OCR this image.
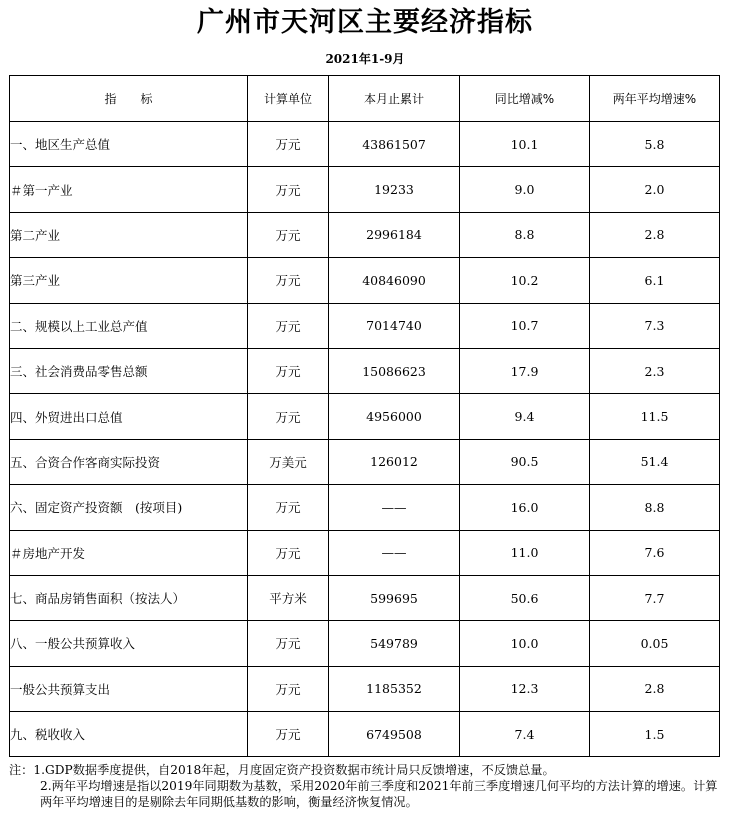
广州市天河区主要经济指标
2021年1-9月
指　　标	计算单位	本月止累计	同比增减%	两年平均增速%
一、地区生产总值	万元	43861507	10.1	5.8
＃第一产业	万元	19233	9.0	2.0
第二产业	万元	2996184	8.8	2.8
第三产业	万元	40846090	10.2	6.1
二、规模以上工业总产值	万元	7014740	10.7	7.3
三、社会消费品零售总额	万元	15086623	17.9	2.3
四、外贸进出口总值	万元	4956000	9.4	11.5
五、合资合作客商实际投资	万美元	126012	90.5	51.4
六、固定资产投资额　(按项目)	万元	——	16.0	8.8
＃房地产开发	万元	——	11.0	7.6
七、商品房销售面积（按法人）	平方米	599695	50.6	7.7
八、一般公共预算收入	万元	549789	10.0	0.05
一般公共预算支出	万元	1185352	12.3	2.8
九、税收收入	万元	6749508	7.4	1.5
注：1.GDP数据季度提供，自2018年起，月度固定资产投资数据市统计局只反馈增速，不反馈总量。
2.两年平均增速是指以2019年同期数为基数，采用2020年前三季度和2021年前三季度增速几何平均的方法计算的增速。计算两年平均增速目的是剔除去年同期低基数的影响，衡量经济恢复情况。
